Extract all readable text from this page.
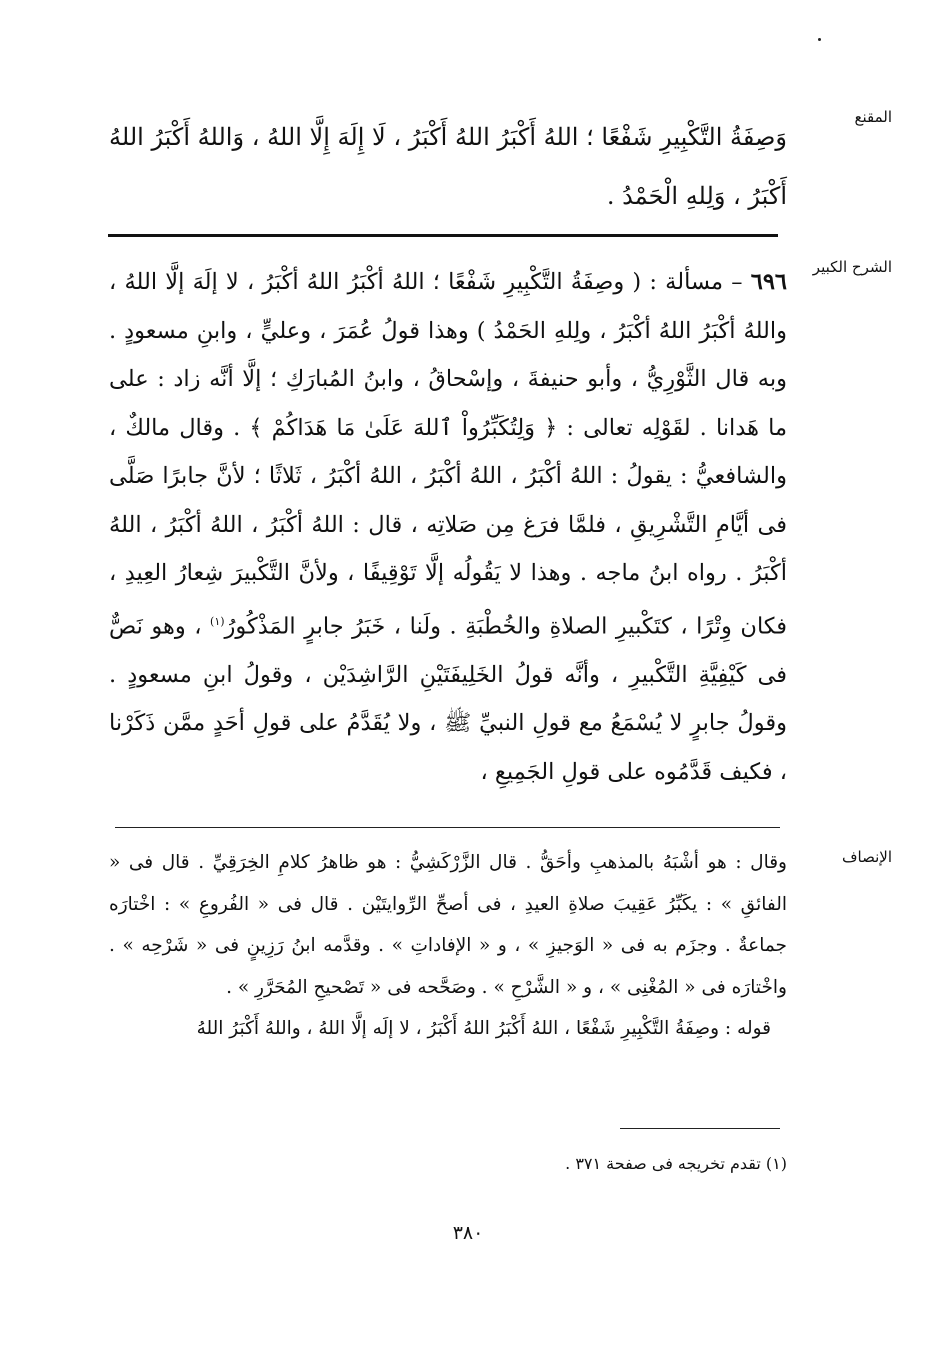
المقنع
وَصِفَةُ التَّكْبِيرِ شَفْعًا ؛ اللهُ أَكْبَرُ اللهُ أَكْبَرُ ، لَا إِلَهَ إِلَّا اللهُ ، وَاللهُ أَكْبَرُ اللهُ أَكْبَرُ ، وَلِلهِ الْحَمْدُ .
الشرح الكبير
٦٩٦ – مسألة : ( وصِفَةُ التَّكْبِيرِ شَفْعًا ؛ اللهُ أكْبَرُ اللهُ أكْبَرُ ، لا إلَهَ إلَّا اللهُ ، واللهُ أكْبَرُ اللهُ أكْبَرُ ، ولِلهِ الحَمْدُ ) وهذا قولُ عُمَرَ ، وعليٍّ ، وابنِ مسعودٍ . وبه قال الثَّوْرِيُّ ، وأبو حنيفةَ ، وإسْحاقُ ، وابنُ المُبارَكِ ؛ إلَّا أنَّه زاد : على ما هَدانا . لقَوْلِه تعالى : ﴿ وَلِتُكَبِّرُواْ ٱللهَ عَلَىٰ مَا هَدَاكُمْ ﴾ . وقال مالكٌ ، والشافعيُّ : يقولُ : اللهُ أكْبَرُ ، اللهُ أكْبَرُ ، اللهُ أكْبَرُ ، ثَلاثًا ؛ لأنَّ جابرًا صَلَّى فى أيَّامِ التَّشْرِيقِ ، فلمَّا فرَغ مِن صَلاتِه ، قال : اللهُ أكْبَرُ ، اللهُ أكْبَرُ ، اللهُ أكْبَرُ . رواه ابنُ ماجه . وهذا لا يَقُولُه إلَّا تَوْقِيفًا ، ولأنَّ التَّكْبيرَ شِعارُ العِيدِ ، فكان وِتْرًا ، كتَكْبيرِ الصلاةِ والخُطْبَةِ . ولَنا ، خَبَرُ جابرٍ المَذْكُورُ$^{(١)}$ ، وهو نَصٌّ فى كَيْفِيَّةِ التَّكْبيرِ ، وأنَّه قولُ الخَلِيفَتَيْنِ الرَّاشِدَيْن ، وقولُ ابنِ مسعودٍ . وقولُ جابرٍ لا يُسْمَعُ مع قولِ النبيِّ ﷺ ، ولا يُقَدَّمُ على قولِ أحَدٍ ممَّن ذَكَرْنا ، فكيف قَدَّمُوه على قولِ الجَمِيعِ ،
الإنصاف
وقال : هو أشْبَهُ بالمذهبِ وأحَقُّ . قال الزَّرْكَشِيُّ : هو ظاهرُ كلامِ الخِرَقِيِّ . قال فى « الفائقِ » : يكَبِّرُ عَقِيبَ صلاةِ العيدِ ، فى أصحِّ الرِّوايتَيْن . قال فى « الفُروعِ » : اخْتارَه جماعةٌ . وجزَم به فى « الوَجيزِ » ، و « الإفاداتِ » . وقدَّمه ابنُ رَزِينٍ فى « شَرْحِه » . واخْتارَه فى « المُغْنِى » ، و « الشَّرْحِ » . وصَحَّحه فى « تَصْحيحِ المُحَرَّرِ » .
قوله : وصِفَةُ التَّكْبِيرِ شَفْعًا ، اللهُ أَكْبَرُ اللهُ أَكْبَرُ ، لا إلَه إلَّا اللهُ ، واللهُ أَكْبَرُ اللهُ
(١) تقدم تخريجه فى صفحة ٣٧١ .
٣٨٠
